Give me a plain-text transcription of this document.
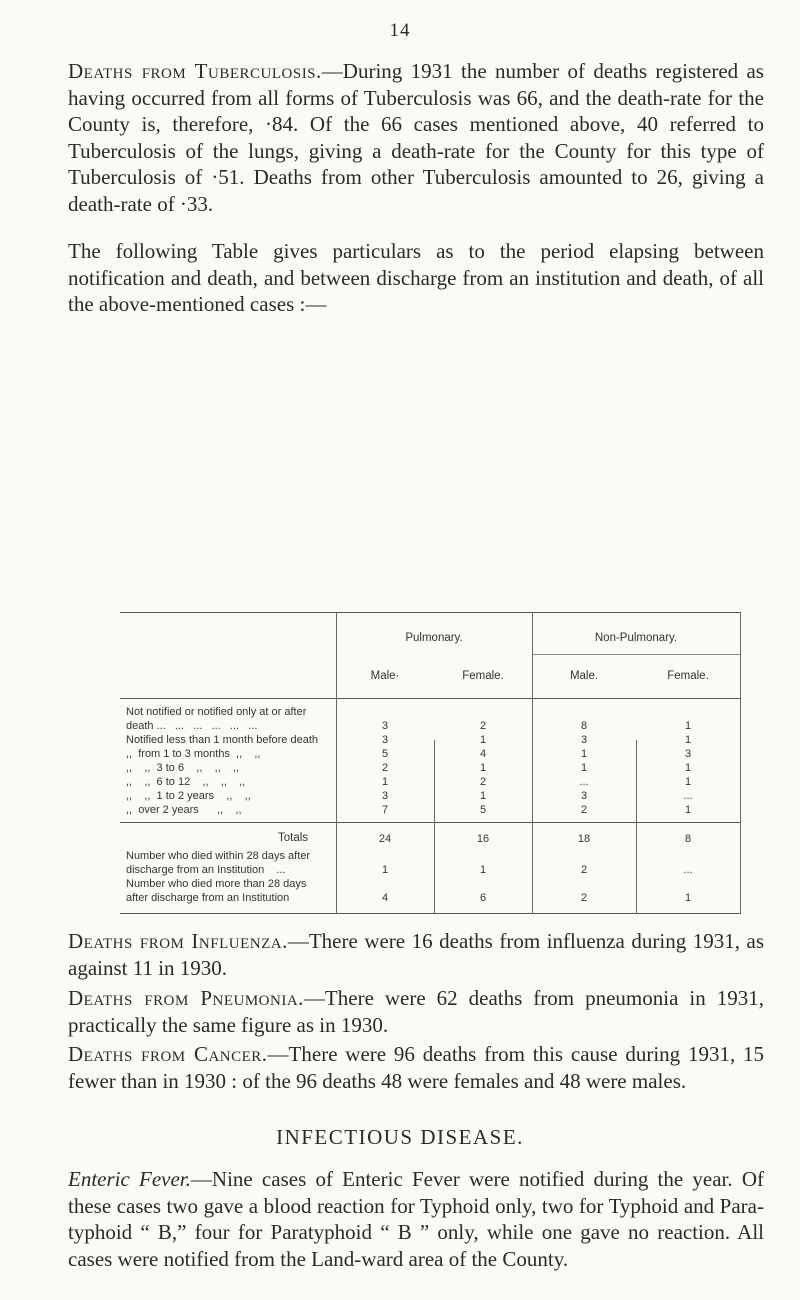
14

Deaths from Tuberculosis.—During 1931 the number of deaths registered as having occurred from all forms of Tuberculosis was 66, and the death-rate for the County is, therefore, ·84. Of the 66 cases mentioned above, 40 referred to Tuberculosis of the lungs, giving a death-rate for the County for this type of Tuberculosis of ·51. Deaths from other Tuberculosis amounted to 26, giving a death-rate of ·33.

The following Table gives particulars as to the period elapsing between notification and death, and between discharge from an institution and death, of all the above-mentioned cases :—

Pulmonary.	Non-Pulmonary.
Male·	Female.	Male.	Female.
Not notified or notified only at or after
death ...   ...   ...   ...   ...   ...	3	2	8	1
Notified less than 1 month before death	3	1	3	1
,,  from 1 to 3 months  ,,    ,,	5	4	1	3
,,    ,,  3 to 6    ,,    ,,    ,,	2	1	1	1
,,    ,,  6 to 12    ,,    ,,    ,,	1	2	...	1
,,    ,,  1 to 2 years    ,,    ,,	3	1	3	...
,,  over 2 years      ,,    ,,	7	5	2	1
Totals	24	16	18	8
Number who died within 28 days after
discharge from an Institution    ...	1	1	2	...
Number who died more than 28 days
after discharge from an Institution	4	6	2	1

Deaths from Influenza.—There were 16 deaths from influenza during 1931, as against 11 in 1930.

Deaths from Pneumonia.—There were 62 deaths from pneumonia in 1931, practically the same figure as in 1930.

Deaths from Cancer.—There were 96 deaths from this cause during 1931, 15 fewer than in 1930 : of the 96 deaths 48 were females and 48 were males.

INFECTIOUS DISEASE.

Enteric Fever.—Nine cases of Enteric Fever were notified during the year. Of these cases two gave a blood reaction for Typhoid only, two for Typhoid and Para-typhoid “ B,” four for Paratyphoid “ B ” only, while one gave no reaction. All cases were notified from the Land-ward area of the County.
